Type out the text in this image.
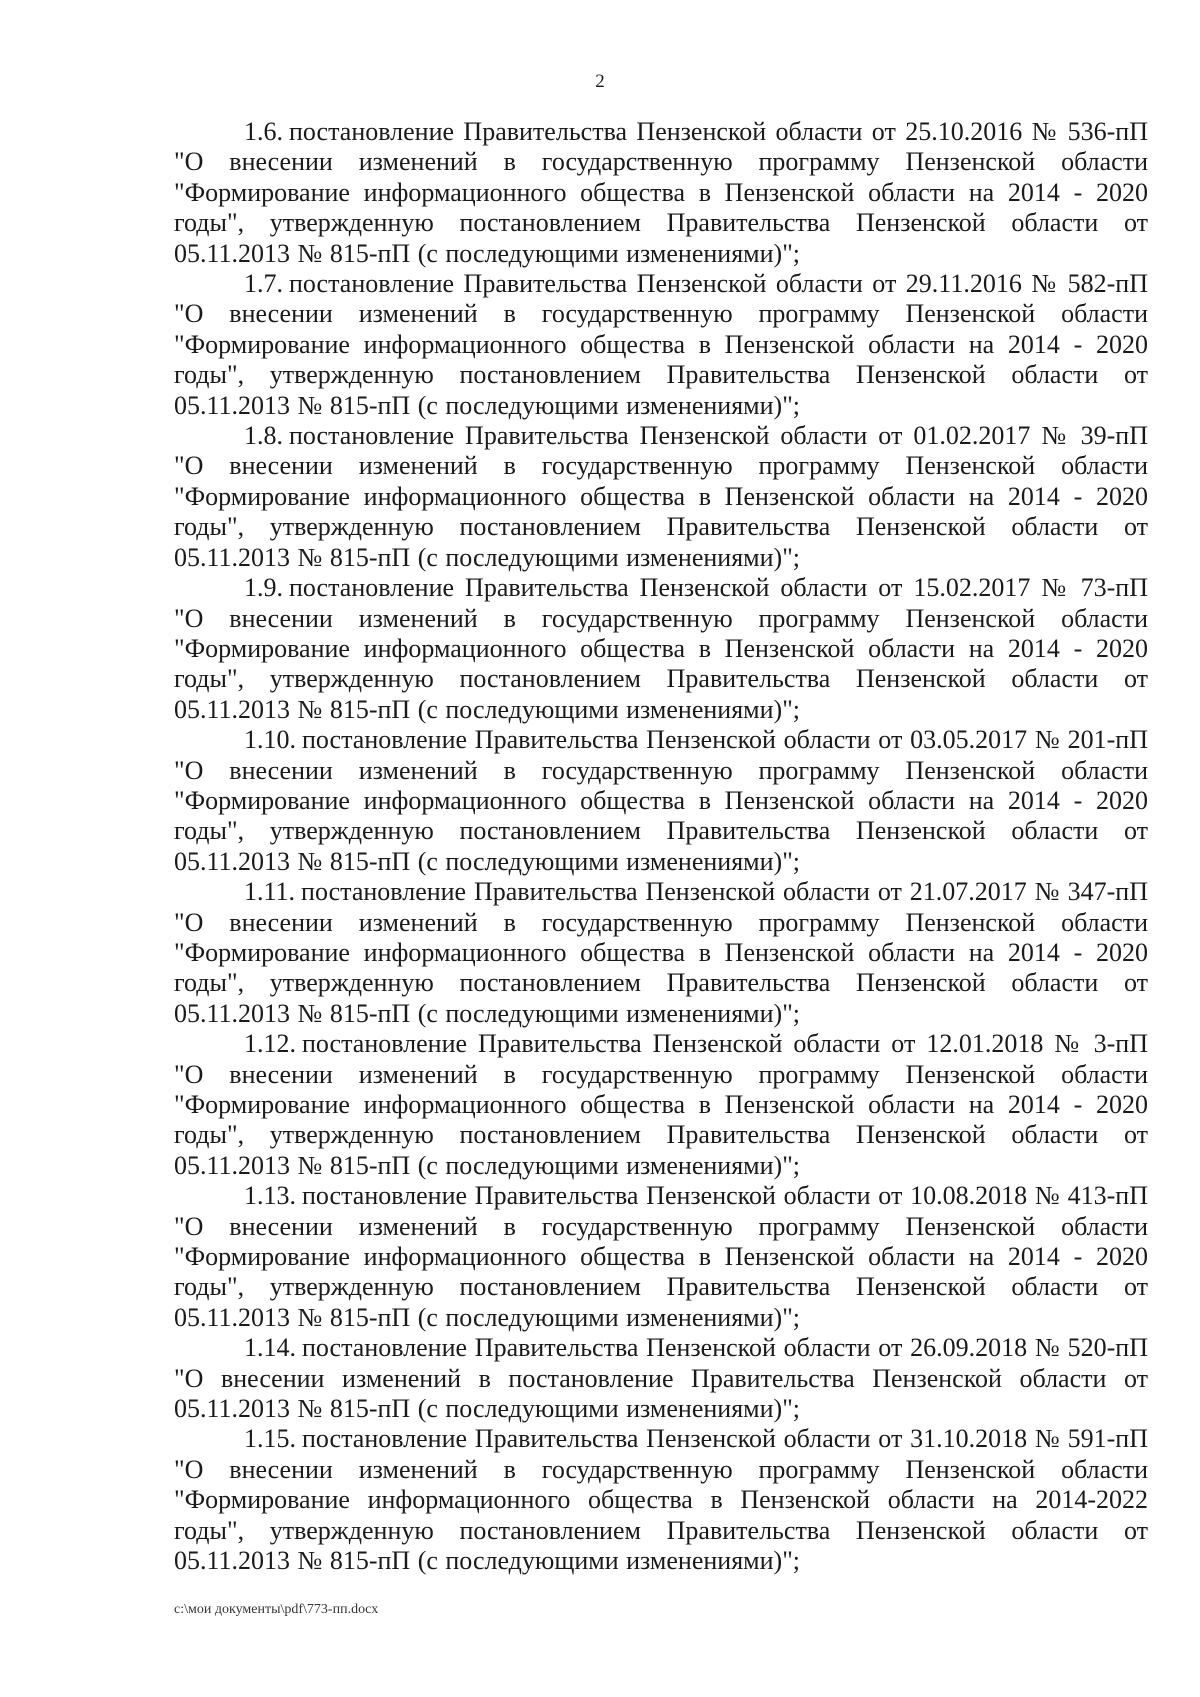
2

1.6. постановление Правительства Пензенской области от 25.10.2016 № 536-пП "О внесении изменений в государственную программу Пензенской области "Формирование информационного общества в Пензенской области на 2014 - 2020 годы", утвержденную постановлением Правительства Пензенской области от 05.11.2013 № 815-пП (с последующими изменениями)";

1.7. постановление Правительства Пензенской области от 29.11.2016 № 582-пП "О внесении изменений в государственную программу Пензенской области "Формирование информационного общества в Пензенской области на 2014 - 2020 годы", утвержденную постановлением Правительства Пензенской области от 05.11.2013 № 815-пП (с последующими изменениями)";

1.8. постановление Правительства Пензенской области от 01.02.2017 № 39-пП "О внесении изменений в государственную программу Пензенской области "Формирование информационного общества в Пензенской области на 2014 - 2020 годы", утвержденную постановлением Правительства Пензенской области от 05.11.2013 № 815-пП (с последующими изменениями)";

1.9. постановление Правительства Пензенской области от 15.02.2017 № 73-пП "О внесении изменений в государственную программу Пензенской области "Формирование информационного общества в Пензенской области на 2014 - 2020 годы", утвержденную постановлением Правительства Пензенской области от 05.11.2013 № 815-пП (с последующими изменениями)";

1.10. постановление Правительства Пензенской области от 03.05.2017 № 201-пП "О внесении изменений в государственную программу Пензенской области "Формирование информационного общества в Пензенской области на 2014 - 2020 годы", утвержденную постановлением Правительства Пензенской области от 05.11.2013 № 815-пП (с последующими изменениями)";

1.11. постановление Правительства Пензенской области от 21.07.2017 № 347-пП "О внесении изменений в государственную программу Пензенской области "Формирование информационного общества в Пензенской области на 2014 - 2020 годы", утвержденную постановлением Правительства Пензенской области от 05.11.2013 № 815-пП (с последующими изменениями)";

1.12. постановление Правительства Пензенской области от 12.01.2018 № 3-пП "О внесении изменений в государственную программу Пензенской области "Формирование информационного общества в Пензенской области на 2014 - 2020 годы", утвержденную постановлением Правительства Пензенской области от 05.11.2013 № 815-пП (с последующими изменениями)";

1.13. постановление Правительства Пензенской области от 10.08.2018 № 413-пП "О внесении изменений в государственную программу Пензенской области "Формирование информационного общества в Пензенской области на 2014 - 2020 годы", утвержденную постановлением Правительства Пензенской области от 05.11.2013 № 815-пП (с последующими изменениями)";

1.14. постановление Правительства Пензенской области от 26.09.2018 № 520-пП "О внесении изменений в постановление Правительства Пензенской области от 05.11.2013 № 815-пП (с последующими изменениями)";

1.15. постановление Правительства Пензенской области от 31.10.2018 № 591-пП "О внесении изменений в государственную программу Пензенской области "Формирование информационного общества в Пензенской области на 2014-2022 годы", утвержденную постановлением Правительства Пензенской области от 05.11.2013 № 815-пП (с последующими изменениями)";

c:\мои документы\pdf\773-пп.docx
